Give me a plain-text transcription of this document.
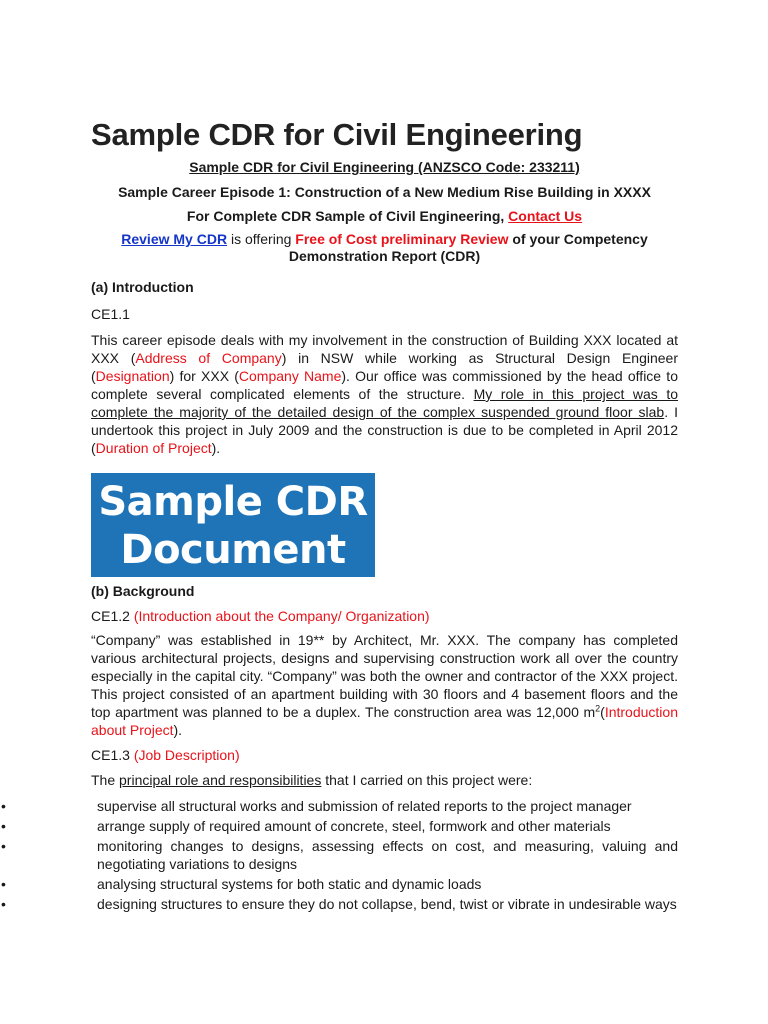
Sample CDR for Civil Engineering
Sample CDR for Civil Engineering (ANZSCO Code: 233211)
Sample Career Episode 1: Construction of a New Medium Rise Building in XXXX
For Complete CDR Sample of Civil Engineering, Contact Us
Review My CDR is offering Free of Cost preliminary Review of your Competency Demonstration Report (CDR)
(a) Introduction
CE1.1
This career episode deals with my involvement in the construction of Building XXX located at XXX (Address of Company) in NSW while working as Structural Design Engineer (Designation) for XXX (Company Name). Our office was commissioned by the head office to complete several complicated elements of the structure. My role in this project was to complete the majority of the detailed design of the complex suspended ground floor slab. I undertook this project in July 2009 and the construction is due to be completed in April 2012 (Duration of Project).
Sample CDR
Document
(b) Background
CE1.2 (Introduction about the Company/ Organization)
“Company” was established in 19** by Architect, Mr. XXX. The company has completed various architectural projects, designs and supervising construction work all over the country especially in the capital city. “Company” was both the owner and contractor of the XXX project. This project consisted of an apartment building with 30 floors and 4 basement floors and the top apartment was planned to be a duplex. The construction area was 12,000 $m^2(Introduction$ about Project).
CE1.3 (Job Description)
The principal role and responsibilities that I carried on this project were:
•	supervise all structural works and submission of related reports to the project manager
•	arrange supply of required amount of concrete, steel, formwork and other materials
•	monitoring changes to designs, assessing effects on cost, and measuring, valuing and negotiating variations to designs
•	analysing structural systems for both static and dynamic loads
•	designing structures to ensure they do not collapse, bend, twist or vibrate in undesirable ways
